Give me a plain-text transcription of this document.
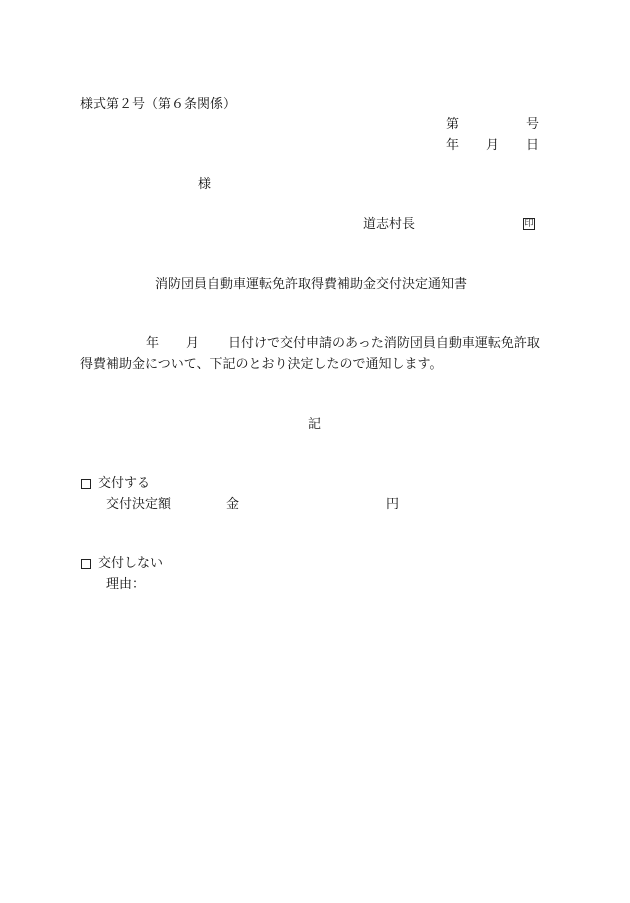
様式第２号（第６条関係）
第	号
年 月 日
様
道志村長	印
消防団員自動車運転免許取得費補助金交付決定通知書
年 月 日付けで交付申請のあった消防団員自動車運転免許取
得費補助金について、下記のとおり決定したので通知します。
記
交付する
交付決定額	金	円
交付しない
理由：
